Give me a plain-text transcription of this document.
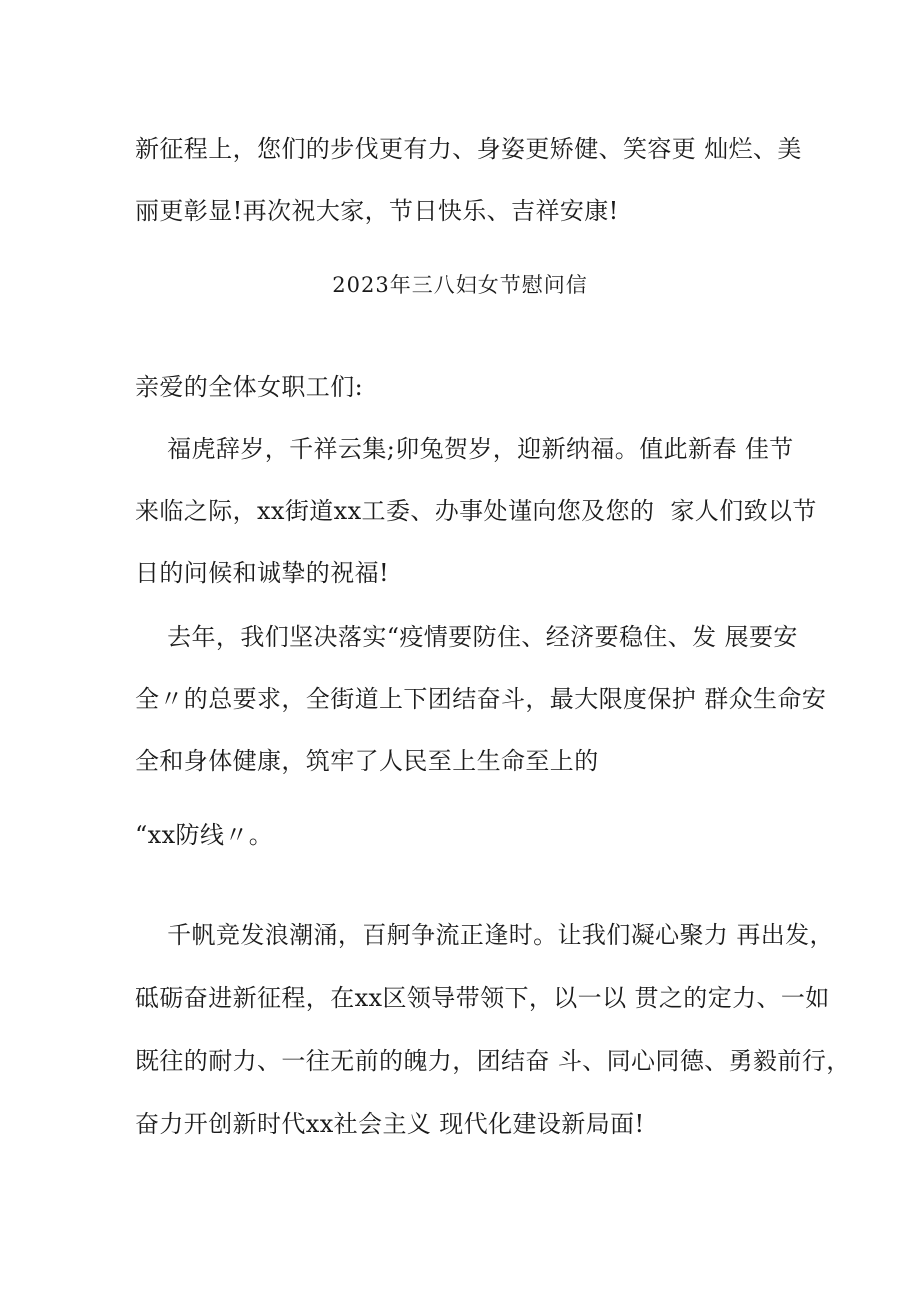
新征程上，您们的步伐更有力、身姿更矫健、笑容更 灿烂、美
丽更彰显!再次祝大家，节日快乐、吉祥安康!
2023年三八妇女节慰问信
亲爱的全体女职工们:
福虎辞岁，千祥云集;卯兔贺岁，迎新纳福。值此新春 佳节
来临之际，xx街道xx工委、办事处谨向您及您的  家人们致以节
日的问候和诚挚的祝福!
去年，我们坚决落实“疫情要防住、经济要稳住、发 展要安
全〃的总要求，全街道上下团结奋斗，最大限度保护 群众生命安
全和身体健康，筑牢了人民至上生命至上的
“xx防线〃。
千帆竞发浪潮涌，百舸争流正逢时。让我们凝心聚力 再出发，
砥砺奋进新征程，在xx区领导带领下，以一以 贯之的定力、一如
既往的耐力、一往无前的魄力，团结奋 斗、同心同德、勇毅前行，
奋力开创新时代xx社会主义 现代化建设新局面!
